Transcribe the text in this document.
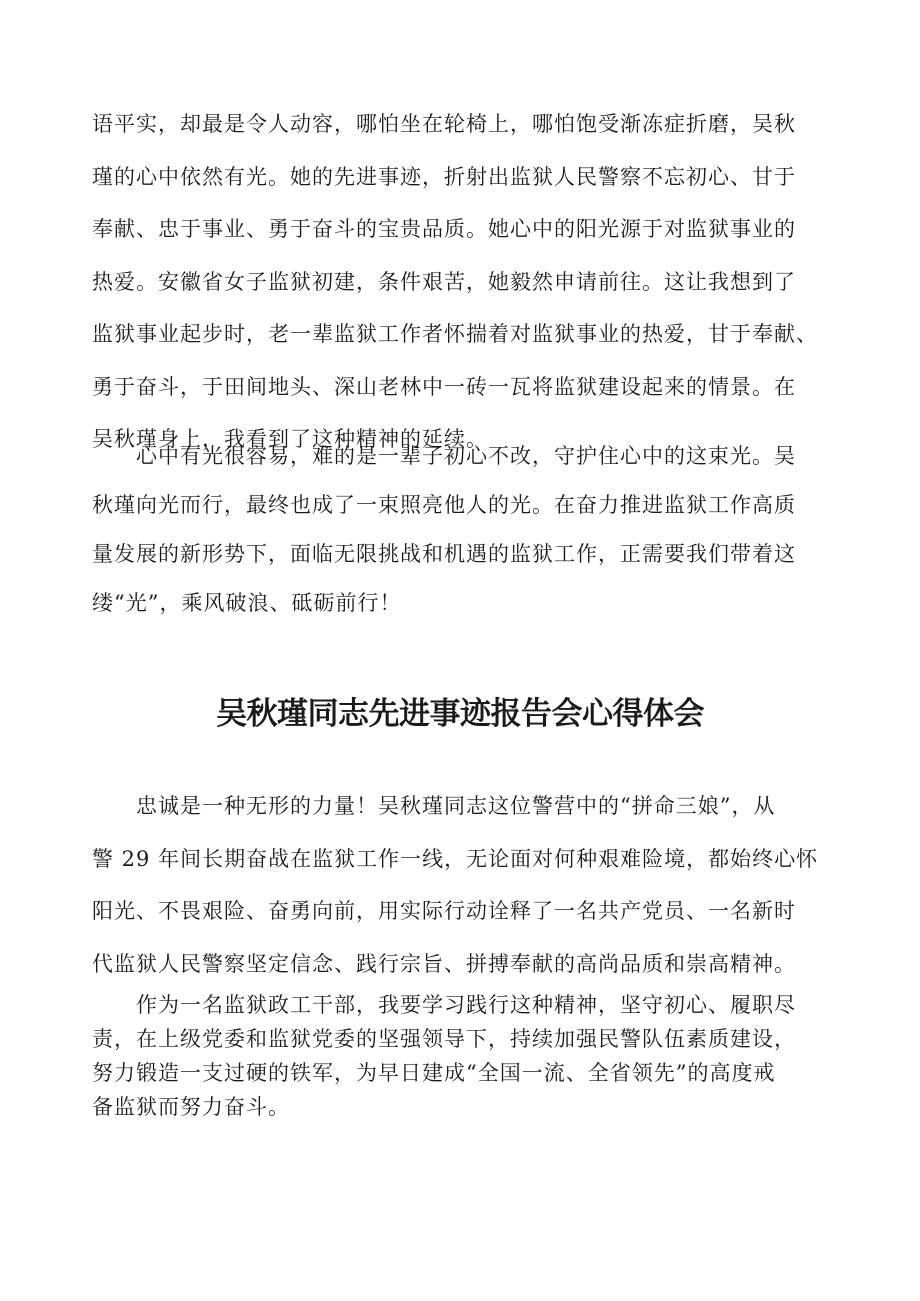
语平实，却最是令人动容，哪怕坐在轮椅上，哪怕饱受渐冻症折磨，吴秋
瑾的心中依然有光。她的先进事迹，折射出监狱人民警察不忘初心、甘于
奉献、忠于事业、勇于奋斗的宝贵品质。她心中的阳光源于对监狱事业的
热爱。安徽省女子监狱初建，条件艰苦，她毅然申请前往。这让我想到了
监狱事业起步时，老一辈监狱工作者怀揣着对监狱事业的热爱，甘于奉献、
勇于奋斗，于田间地头、深山老林中一砖一瓦将监狱建设起来的情景。在
吴秋瑾身上，我看到了这种精神的延续。
　　心中有光很容易，难的是一辈子初心不改，守护住心中的这束光。吴
秋瑾向光而行，最终也成了一束照亮他人的光。在奋力推进监狱工作高质
量发展的新形势下，面临无限挑战和机遇的监狱工作，正需要我们带着这
缕“光”，乘风破浪、砥砺前行！
吴秋瑾同志先进事迹报告会心得体会
　　忠诚是一种无形的力量！吴秋瑾同志这位警营中的“拼命三娘”，从
警 29 年间长期奋战在监狱工作一线，无论面对何种艰难险境，都始终心怀
阳光、不畏艰险、奋勇向前，用实际行动诠释了一名共产党员、一名新时
代监狱人民警察坚定信念、践行宗旨、拼搏奉献的高尚品质和崇高精神。
　　作为一名监狱政工干部，我要学习践行这种精神，坚守初心、履职尽
责，在上级党委和监狱党委的坚强领导下，持续加强民警队伍素质建设，
努力锻造一支过硬的铁军，为早日建成“全国一流、全省领先”的高度戒
备监狱而努力奋斗。
